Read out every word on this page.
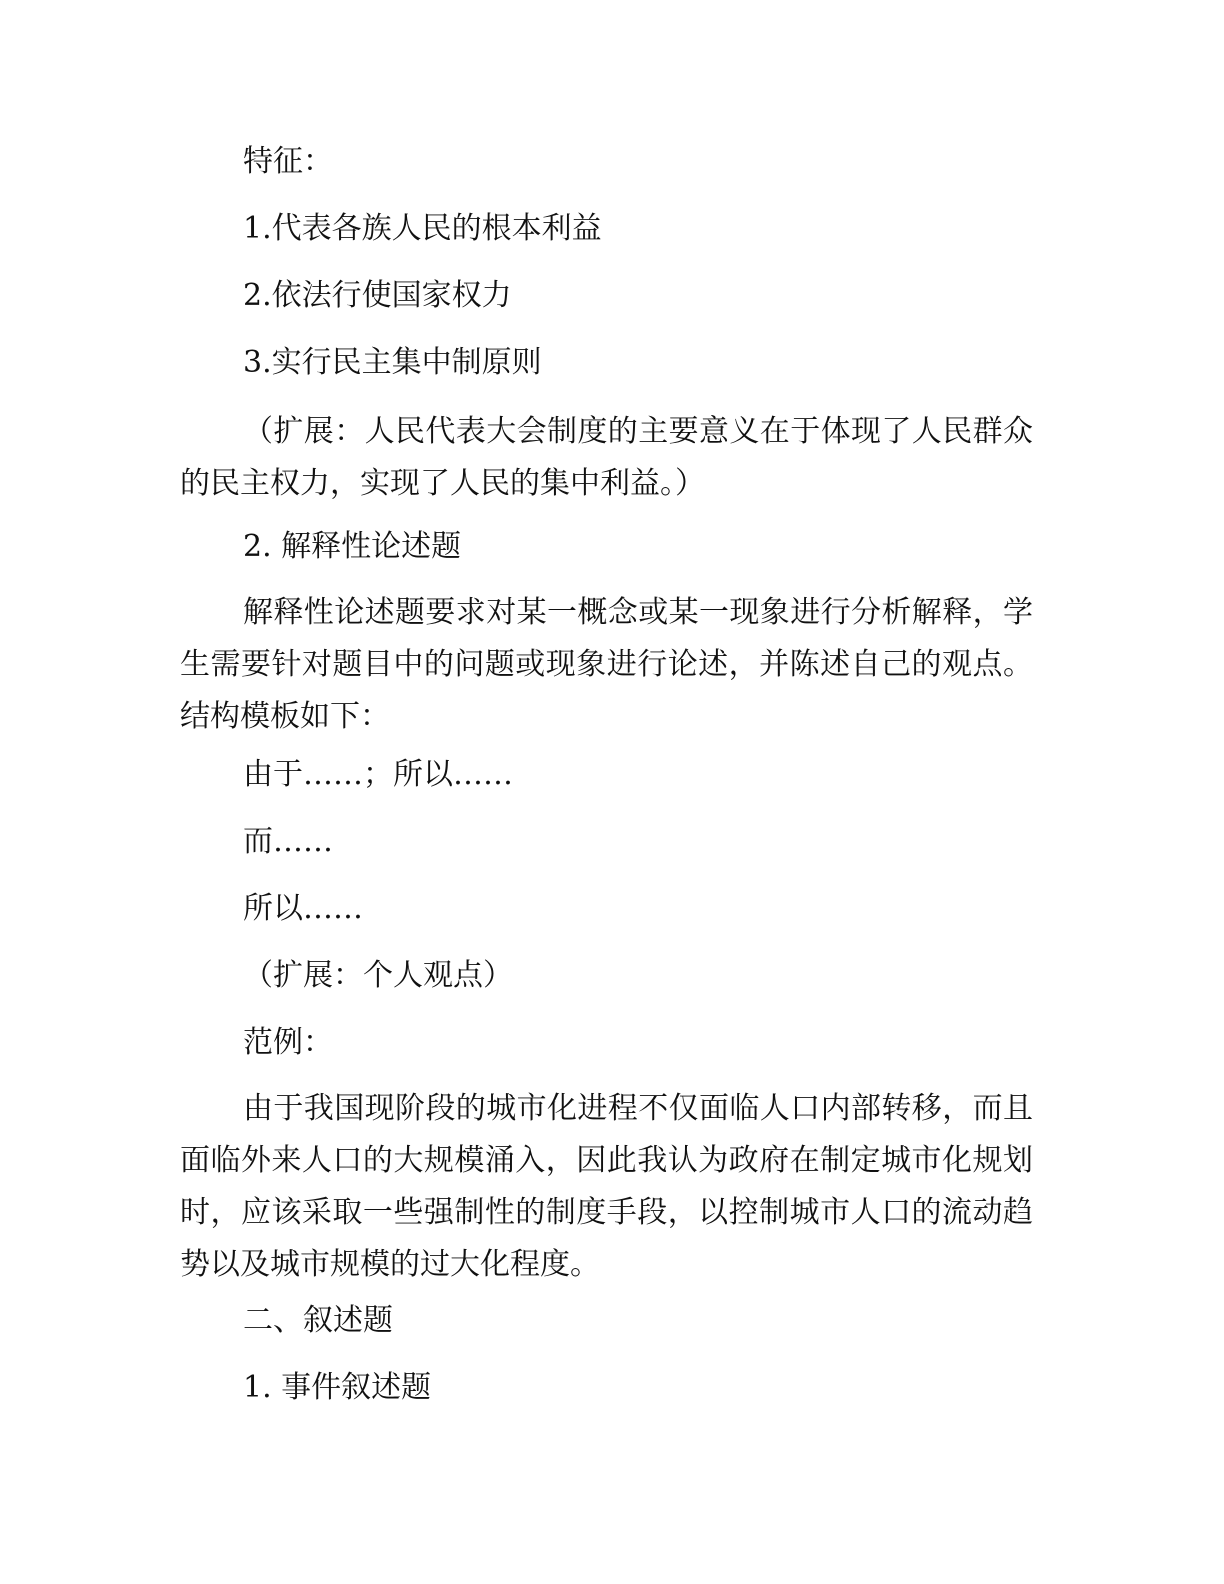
特征：
1.代表各族人民的根本利益
2.依法行使国家权力
3.实行民主集中制原则
（扩展：人民代表大会制度的主要意义在于体现了人民群众的民主权力，实现了人民的集中利益。）
2. 解释性论述题
解释性论述题要求对某一概念或某一现象进行分析解释，学生需要针对题目中的问题或现象进行论述，并陈述自己的观点。结构模板如下：
由于……；所以……
而……
所以……
（扩展：个人观点）
范例：
由于我国现阶段的城市化进程不仅面临人口内部转移，而且面临外来人口的大规模涌入，因此我认为政府在制定城市化规划时，应该采取一些强制性的制度手段，以控制城市人口的流动趋势以及城市规模的过大化程度。
二、叙述题
1. 事件叙述题
